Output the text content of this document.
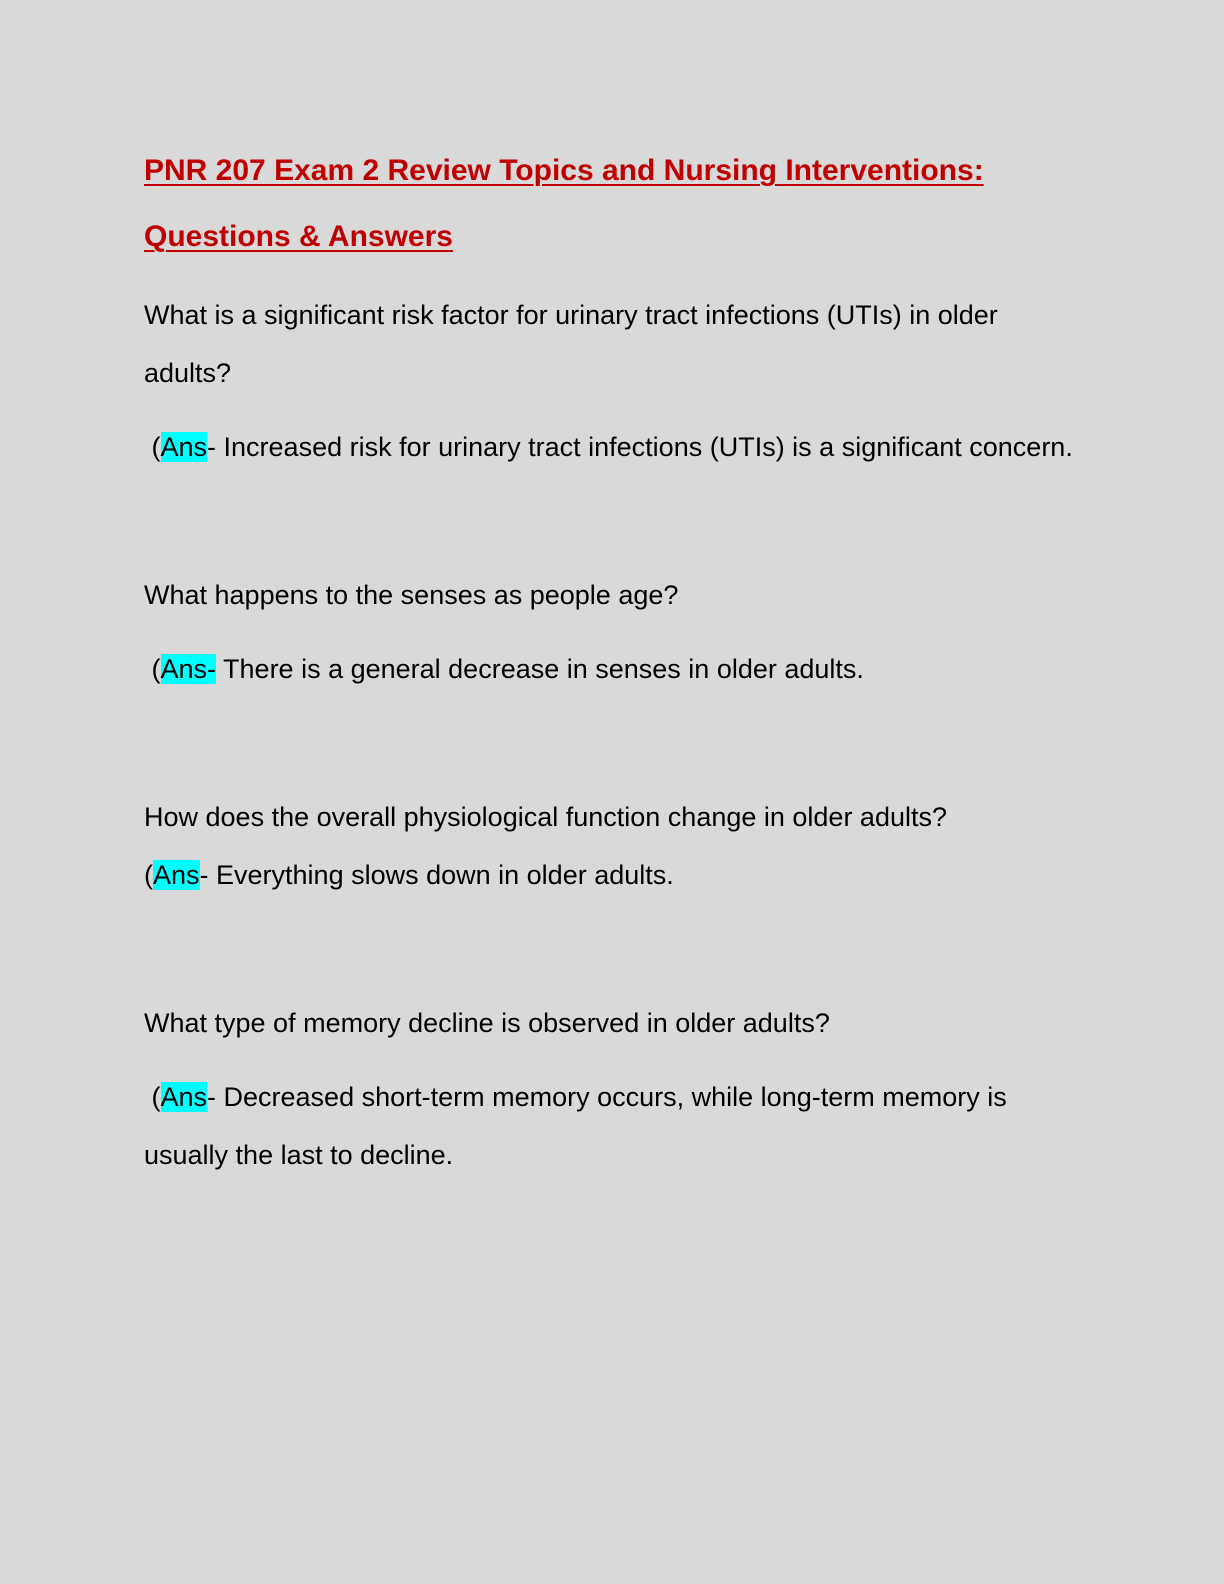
PNR 207 Exam 2 Review Topics and Nursing Interventions:
Questions & Answers

What is a significant risk factor for urinary tract infections (UTIs) in older adults?

(Ans- Increased risk for urinary tract infections (UTIs) is a significant concern.

What happens to the senses as people age?

(Ans- There is a general decrease in senses in older adults.

How does the overall physiological function change in older adults?

(Ans- Everything slows down in older adults.

What type of memory decline is observed in older adults?

(Ans- Decreased short-term memory occurs, while long-term memory is usually the last to decline.
